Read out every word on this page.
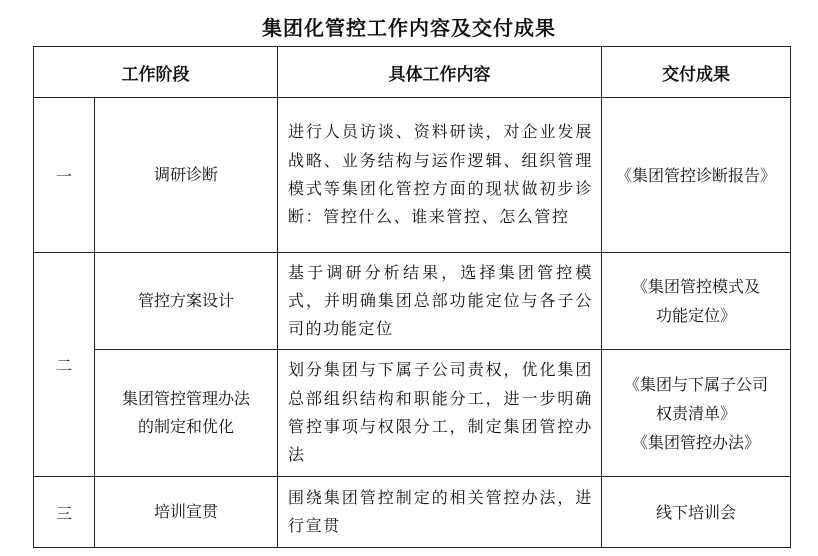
集团化管控工作内容及交付成果
工作阶段		具体工作内容	交付成果
一	调研诊断	进行人员访谈、资料研读，对企业发展战略、业务结构与运作逻辑、组织管理模式等集团化管控方面的现状做初步诊断：管控什么、谁来管控、怎么管控	《集团管控诊断报告》

二	管控方案设计	基于调研分析结果，选择集团管控模式，并明确集团总部功能定位与各子公司的功能定位	《集团管控模式及
功能定位》

	集团管控管理办法
的制定和优化	划分集团与下属子公司责权，优化集团总部组织结构和职能分工，进一步明确管控事项与权限分工，制定集团管控办法	《集团与下属子公司
权责清单》
《集团管控办法》

三	培训宣贯	围绕集团管控制定的相关管控办法，进行宣贯	线下培训会
